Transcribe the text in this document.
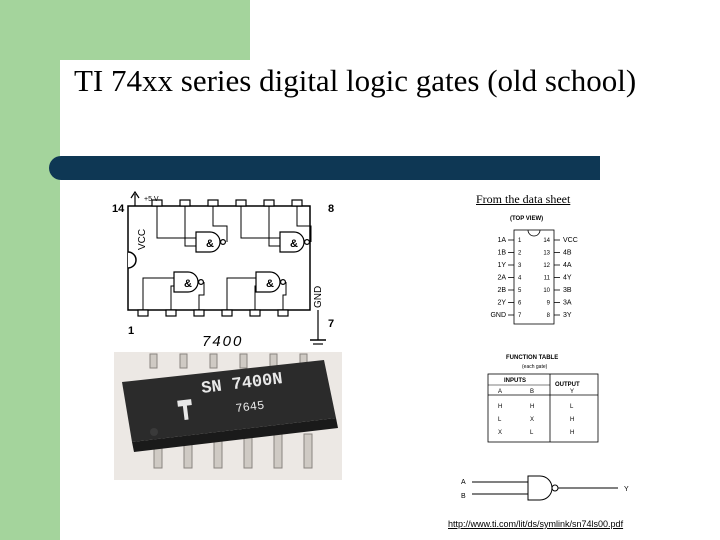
TI 74xx series digital logic gates (old school)
From the data sheet
&	&
&	&
14
+5 V
8
1
7
VCC
GND
7400
SN 7400N
7645
(TOP VIEW)
1A 1
1B 2
1Y 3
2A 4
2B 5
2Y 6
GND 7
14 VCC
13 4B
12 4A
11 4Y
10 3B
9 3A
8 3Y
FUNCTION TABLE
(each gate)
INPUTS
OUTPUT
A	B	Y
H	H	L
L	X	H
X	L	H
A
B
Y
http://www.ti.com/lit/ds/symlink/sn74ls00.pdf
